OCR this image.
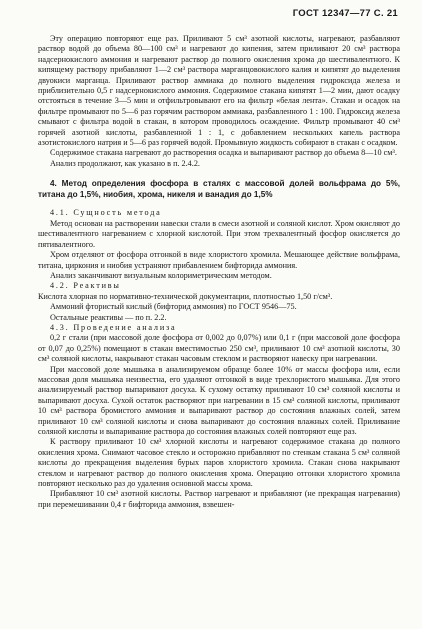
ГОСТ 12347—77 С. 21

Эту операцию повторяют еще раз. Приливают 5 см³ азотной кислоты, нагревают, разбавляют раствор водой до объема 80—100 см³ и нагревают до кипения, затем приливают 20 см³ раствора надсернокислого аммония и нагревают раствор до полного окисления хрома до шестивалентного. К кипящему раствору прибавляют 1—2 см³ раствора марганцовокислого калия и кипятят до выделения двуокиси марганца. Приливают раствор аммиака до полного выделения гидроксида железа и приблизительно 0,5 г надсернокислого аммония. Содержимое стакана кипятят 1—2 мин, дают осадку отстояться в течение 3—5 мин и отфильтровывают его на фильтр «белая лента». Стакан и осадок на фильтре промывают по 5—6 раз горячим раствором аммиака, разбавленного 1 : 100. Гидроксид железа смывают с фильтра водой в стакан, в котором проводилось осаждение. Фильтр промывают 40 см³ горячей азотной кислоты, разбавленной 1 : 1, с добавлением нескольких капель раствора азотистокислого натрия и 5—6 раз горячей водой. Промывную жидкость собирают в стакан с осадком.

Содержимое стакана нагревают до растворения осадка и выпаривают раствор до объема 8—10 см³.

Анализ продолжают, как указано в п. 2.4.2.

4. Метод определения фосфора в сталях с массовой долей вольфрама до 5%, титана до 1,5%, ниобия, хрома, никеля и ванадия до 1,5%

4.1. Сущность метода

Метод основан на растворении навески стали в смеси азотной и соляной кислот. Хром окисляют до шестивалентного нагреванием с хлорной кислотой. При этом трехвалентный фосфор окисляется до пятивалентного.

Хром отделяют от фосфора отгонкой в виде хлористого хромила. Мешающее действие вольфрама, титана, циркония и ниобия устраняют прибавлением бифторида аммония.

Анализ заканчивают визуальным колориметрическим методом.

4.2. Реактивы

Кислота хлорная по нормативно-технической документации, плотностью 1,50 г/см³.

Аммоний фтористый кислый (бифторид аммония) по ГОСТ 9546—75.

Остальные реактивы — по п. 2.2.

4.3. Проведение анализа

0,2 г стали (при массовой доле фосфора от 0,002 до 0,07%) или 0,1 г (при массовой доле фосфора от 0,07 до 0,25%) помещают в стакан вместимостью 250 см³, приливают 10 см³ азотной кислоты, 30 см³ соляной кислоты, накрывают стакан часовым стеклом и растворяют навеску при нагревании.

При массовой доле мышьяка в анализируемом образце более 10% от массы фосфора или, если массовая доля мышьяка неизвестна, его удаляют отгонкой в виде трехлористого мышьяка. Для этого анализируемый раствор выпаривают досуха. К сухому остатку приливают 10 см³ соляной кислоты и выпаривают досуха. Сухой остаток растворяют при нагревании в 15 см³ соляной кислоты, приливают 10 см³ раствора бромистого аммония и выпаривают раствор до состояния влажных солей, затем приливают 10 см³ соляной кислоты и снова выпаривают до состояния влажных солей. Приливание соляной кислоты и выпаривание раствора до состояния влажных солей повторяют еще раз.

К раствору приливают 10 см³ хлорной кислоты и нагревают содержимое стакана до полного окисления хрома. Снимают часовое стекло и осторожно прибавляют по стенкам стакана 5 см³ соляной кислоты до прекращения выделения бурых паров хлористого хромила. Стакан снова накрывают стеклом и нагревают раствор до полного окисления хрома. Операцию отгонки хлористого хромила повторяют несколько раз до удаления основной массы хрома.

Прибавляют 10 см³ азотной кислоты. Раствор нагревают и прибавляют (не прекращая нагревания) при перемешивании 0,4 г бифторида аммония, взвешен-
